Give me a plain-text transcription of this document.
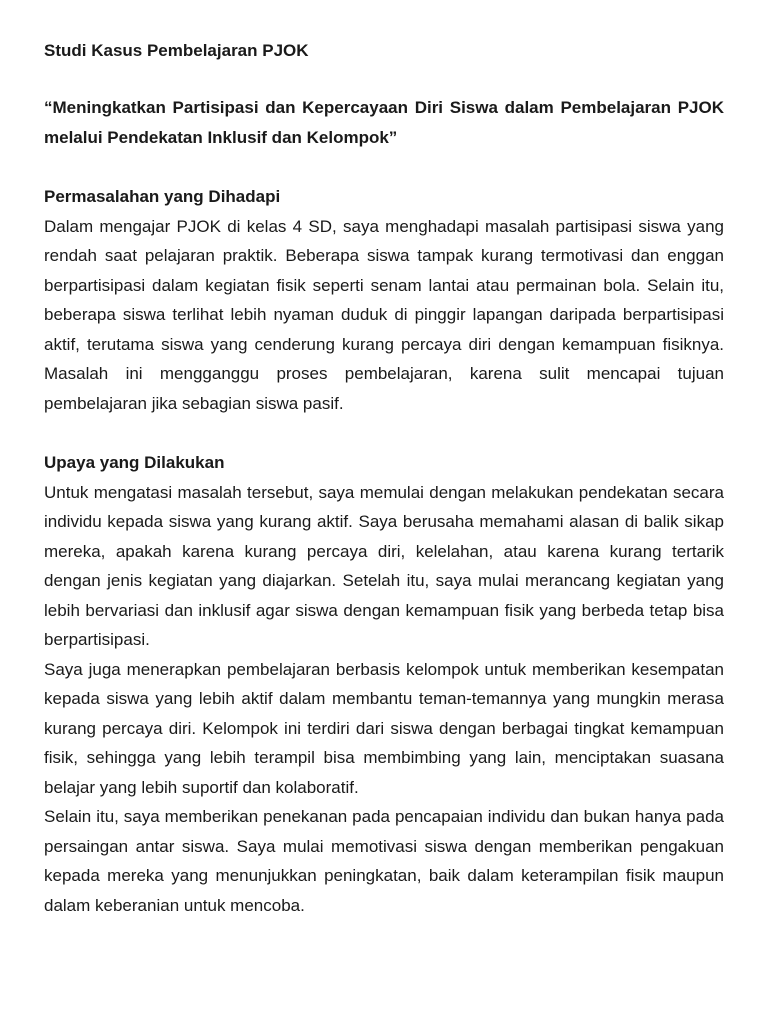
Studi Kasus Pembelajaran PJOK

“Meningkatkan Partisipasi dan Kepercayaan Diri Siswa dalam Pembelajaran PJOK melalui Pendekatan Inklusif dan Kelompok”

Permasalahan yang Dihadapi

Dalam mengajar PJOK di kelas 4 SD, saya menghadapi masalah partisipasi siswa yang rendah saat pelajaran praktik. Beberapa siswa tampak kurang termotivasi dan enggan berpartisipasi dalam kegiatan fisik seperti senam lantai atau permainan bola. Selain itu, beberapa siswa terlihat lebih nyaman duduk di pinggir lapangan daripada berpartisipasi aktif, terutama siswa yang cenderung kurang percaya diri dengan kemampuan fisiknya. Masalah ini mengganggu proses pembelajaran, karena sulit mencapai tujuan pembelajaran jika sebagian siswa pasif.

Upaya yang Dilakukan

Untuk mengatasi masalah tersebut, saya memulai dengan melakukan pendekatan secara individu kepada siswa yang kurang aktif. Saya berusaha memahami alasan di balik sikap mereka, apakah karena kurang percaya diri, kelelahan, atau karena kurang tertarik dengan jenis kegiatan yang diajarkan. Setelah itu, saya mulai merancang kegiatan yang lebih bervariasi dan inklusif agar siswa dengan kemampuan fisik yang berbeda tetap bisa berpartisipasi.

Saya juga menerapkan pembelajaran berbasis kelompok untuk memberikan kesempatan kepada siswa yang lebih aktif dalam membantu teman-temannya yang mungkin merasa kurang percaya diri. Kelompok ini terdiri dari siswa dengan berbagai tingkat kemampuan fisik, sehingga yang lebih terampil bisa membimbing yang lain, menciptakan suasana belajar yang lebih suportif dan kolaboratif.

Selain itu, saya memberikan penekanan pada pencapaian individu dan bukan hanya pada persaingan antar siswa. Saya mulai memotivasi siswa dengan memberikan pengakuan kepada mereka yang menunjukkan peningkatan, baik dalam keterampilan fisik maupun dalam keberanian untuk mencoba.
